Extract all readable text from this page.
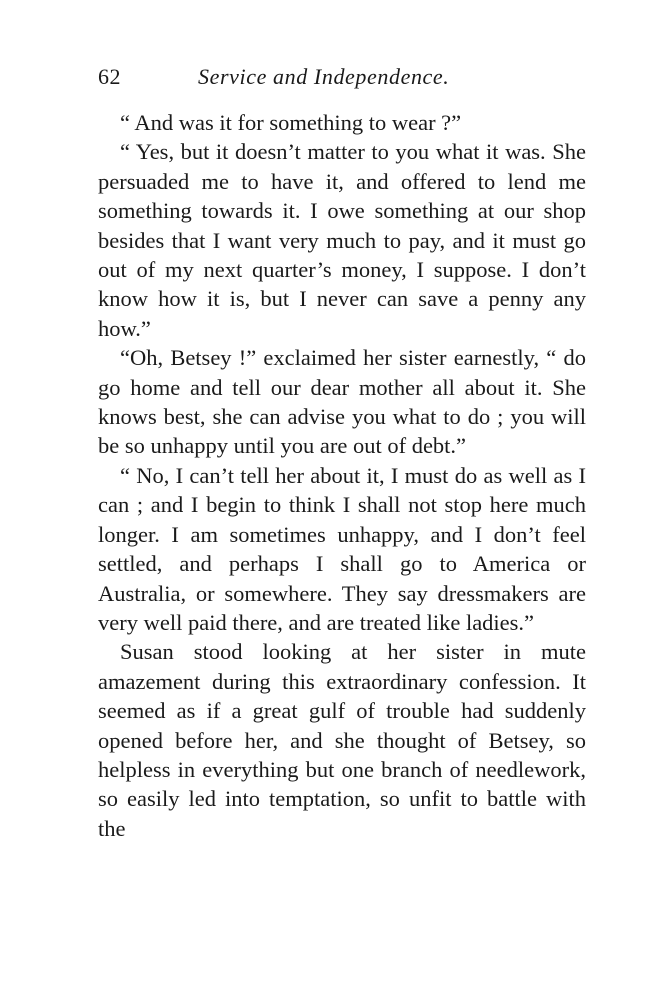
62	Service and Independence.

“ And was it for something to wear ?”

“ Yes, but it doesn’t matter to you what it was. She persuaded me to have it, and offered to lend me something towards it. I owe something at our shop besides that I want very much to pay, and it must go out of my next quarter’s money, I suppose. I don’t know how it is, but I never can save a penny any how.”

“Oh, Betsey !” exclaimed her sister earnestly, “ do go home and tell our dear mother all about it. She knows best, she can advise you what to do ; you will be so unhappy until you are out of debt.”

“ No, I can’t tell her about it, I must do as well as I can ; and I begin to think I shall not stop here much longer. I am sometimes unhappy, and I don’t feel settled, and perhaps I shall go to America or Australia, or somewhere. They say dressmakers are very well paid there, and are treated like ladies.”

Susan stood looking at her sister in mute amazement during this extraordinary confession. It seemed as if a great gulf of trouble had suddenly opened before her, and she thought of Betsey, so helpless in everything but one branch of needlework, so easily led into temptation, so unfit to battle with the
